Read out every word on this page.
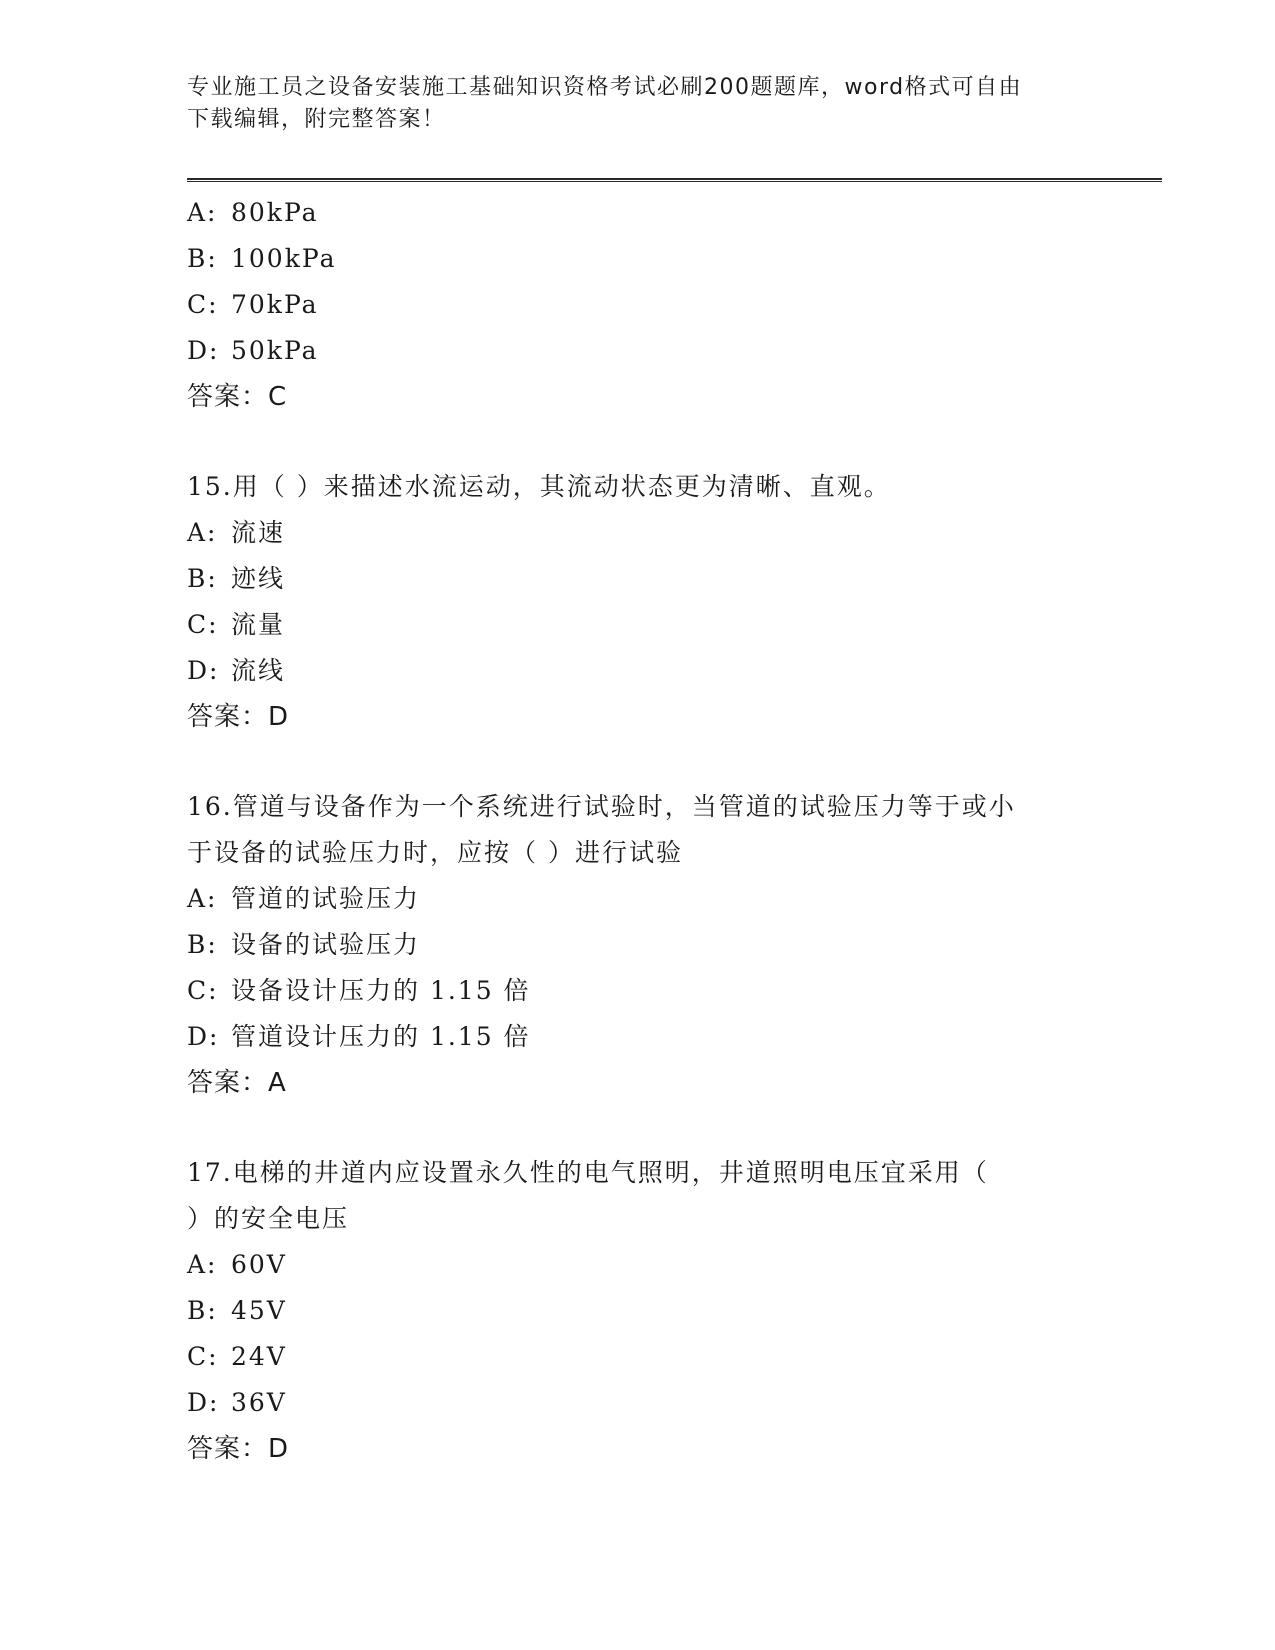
专业施工员之设备安装施工基础知识资格考试必刷200题题库，word格式可自由
下载编辑，附完整答案！
A: 80kPa
B: 100kPa
C: 70kPa
D: 50kPa
答案：C
15.用（ ）来描述水流运动，其流动状态更为清晰、直观。
A: 流速
B: 迹线
C: 流量
D: 流线
答案：D
16.管道与设备作为一个系统进行试验时，当管道的试验压力等于或小
于设备的试验压力时，应按（ ）进行试验
A: 管道的试验压力
B: 设备的试验压力
C: 设备设计压力的 1.15 倍
D: 管道设计压力的 1.15 倍
答案：A
17.电梯的井道内应设置永久性的电气照明，井道照明电压宜采用（
）的安全电压
A: 60V
B: 45V
C: 24V
D: 36V
答案：D
